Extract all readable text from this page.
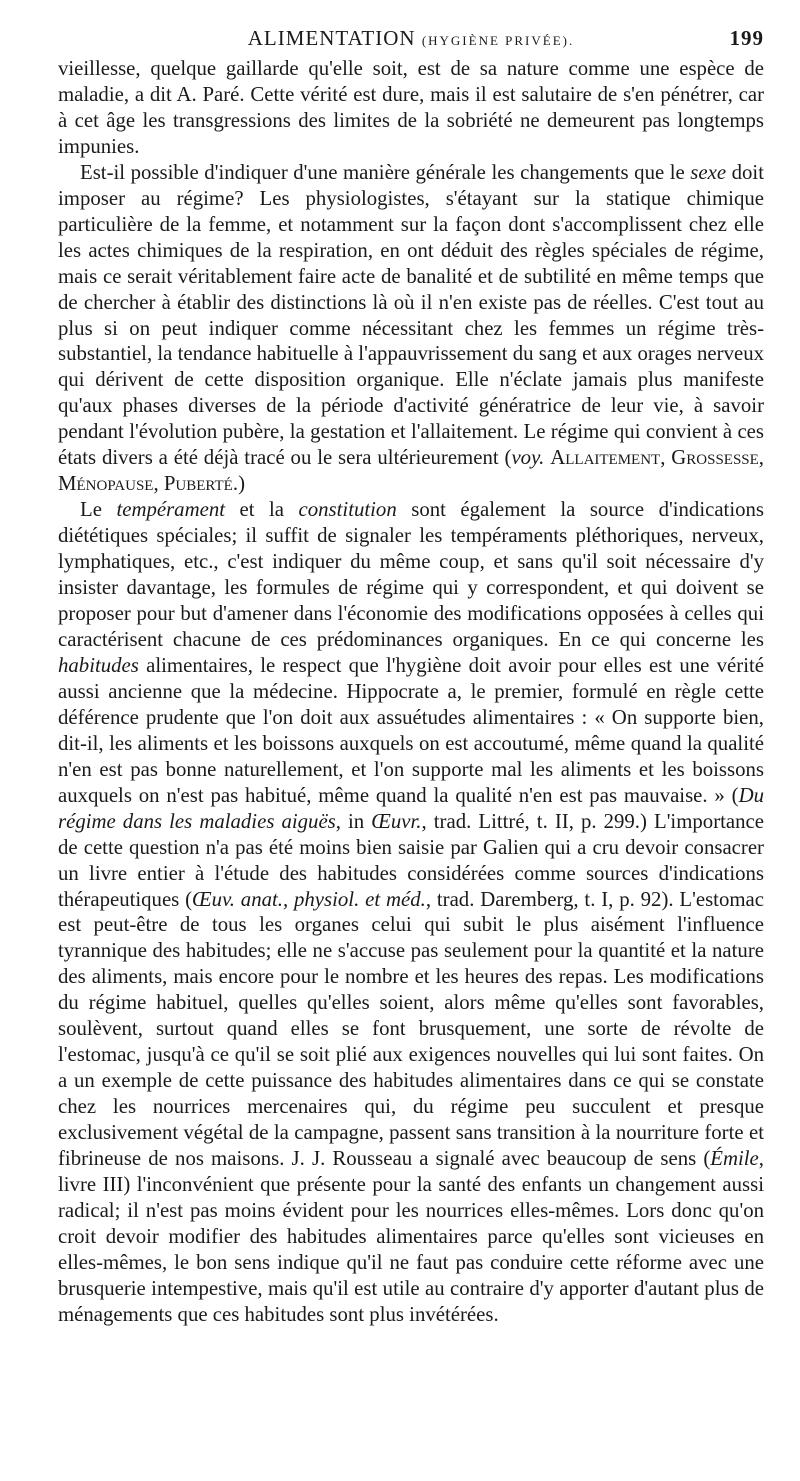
ALIMENTATION (HYGIÈNE PRIVÉE).	199

vieillesse, quelque gaillarde qu'elle soit, est de sa nature comme une espèce de maladie, a dit A. Paré. Cette vérité est dure, mais il est salutaire de s'en pénétrer, car à cet âge les transgressions des limites de la sobriété ne demeurent pas longtemps impunies.

Est-il possible d'indiquer d'une manière générale les changements que le sexe doit imposer au régime? Les physiologistes, s'étayant sur la statique chimique particulière de la femme, et notamment sur la façon dont s'accomplissent chez elle les actes chimiques de la respiration, en ont déduit des règles spéciales de régime, mais ce serait véritablement faire acte de banalité et de subtilité en même temps que de chercher à établir des distinctions là où il n'en existe pas de réelles. C'est tout au plus si on peut indiquer comme nécessitant chez les femmes un régime très-substantiel, la tendance habituelle à l'appauvrissement du sang et aux orages nerveux qui dérivent de cette disposition organique. Elle n'éclate jamais plus manifeste qu'aux phases diverses de la période d'activité génératrice de leur vie, à savoir pendant l'évolution pubère, la gestation et l'allaitement. Le régime qui convient à ces états divers a été déjà tracé ou le sera ultérieurement (voy. Allaitement, Grossesse, Ménopause, Puberté.)

Le tempérament et la constitution sont également la source d'indications diététiques spéciales; il suffit de signaler les tempéraments pléthoriques, nerveux, lymphatiques, etc., c'est indiquer du même coup, et sans qu'il soit nécessaire d'y insister davantage, les formules de régime qui y correspondent, et qui doivent se proposer pour but d'amener dans l'économie des modifications opposées à celles qui caractérisent chacune de ces prédominances organiques. En ce qui concerne les habitudes alimentaires, le respect que l'hygiène doit avoir pour elles est une vérité aussi ancienne que la médecine. Hippocrate a, le premier, formulé en règle cette déférence prudente que l'on doit aux assuétudes alimentaires : « On supporte bien, dit-il, les aliments et les boissons auxquels on est accoutumé, même quand la qualité n'en est pas bonne naturellement, et l'on supporte mal les aliments et les boissons auxquels on n'est pas habitué, même quand la qualité n'en est pas mauvaise. » (Du régime dans les maladies aiguës, in Œuvr., trad. Littré, t. II, p. 299.) L'importance de cette question n'a pas été moins bien saisie par Galien qui a cru devoir consacrer un livre entier à l'étude des habitudes considérées comme sources d'indications thérapeutiques (Œuv. anat., physiol. et méd., trad. Daremberg, t. I, p. 92). L'estomac est peut-être de tous les organes celui qui subit le plus aisément l'influence tyrannique des habitudes; elle ne s'accuse pas seulement pour la quantité et la nature des aliments, mais encore pour le nombre et les heures des repas. Les modifications du régime habituel, quelles qu'elles soient, alors même qu'elles sont favorables, soulèvent, surtout quand elles se font brusquement, une sorte de révolte de l'estomac, jusqu'à ce qu'il se soit plié aux exigences nouvelles qui lui sont faites. On a un exemple de cette puissance des habitudes alimentaires dans ce qui se constate chez les nourrices mercenaires qui, du régime peu succulent et presque exclusivement végétal de la campagne, passent sans transition à la nourriture forte et fibrineuse de nos maisons. J. J. Rousseau a signalé avec beaucoup de sens (Émile, livre III) l'inconvénient que présente pour la santé des enfants un changement aussi radical; il n'est pas moins évident pour les nourrices elles-mêmes. Lors donc qu'on croit devoir modifier des habitudes alimentaires parce qu'elles sont vicieuses en elles-mêmes, le bon sens indique qu'il ne faut pas conduire cette réforme avec une brusquerie intempestive, mais qu'il est utile au contraire d'y apporter d'autant plus de ménagements que ces habitudes sont plus invétérées.
